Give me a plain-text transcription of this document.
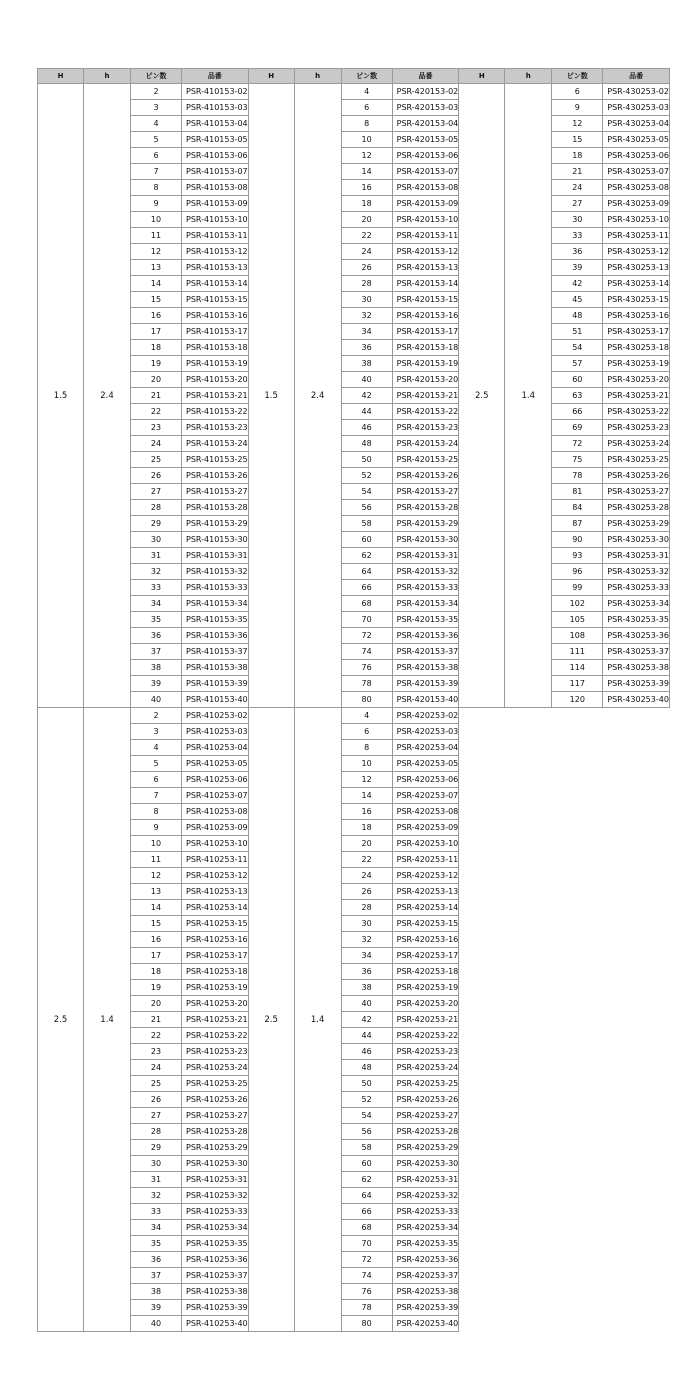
H	h	ピン数	品番	H	h	ピン数	品番	H	h	ピン数	品番
1.5	2.4	2	PSR-410153-02	1.5	2.4	4	PSR-420153-02	2.5	1.4	6	PSR-430253-02
		3	PSR-410153-03			6	PSR-420153-03			9	PSR-430253-03
		4	PSR-410153-04			8	PSR-420153-04			12	PSR-430253-04
		5	PSR-410153-05			10	PSR-420153-05			15	PSR-430253-05
		6	PSR-410153-06			12	PSR-420153-06			18	PSR-430253-06
		7	PSR-410153-07			14	PSR-420153-07			21	PSR-430253-07
		8	PSR-410153-08			16	PSR-420153-08			24	PSR-430253-08
		9	PSR-410153-09			18	PSR-420153-09			27	PSR-430253-09
		10	PSR-410153-10			20	PSR-420153-10			30	PSR-430253-10
		11	PSR-410153-11			22	PSR-420153-11			33	PSR-430253-11
		12	PSR-410153-12			24	PSR-420153-12			36	PSR-430253-12
		13	PSR-410153-13			26	PSR-420153-13			39	PSR-430253-13
		14	PSR-410153-14			28	PSR-420153-14			42	PSR-430253-14
		15	PSR-410153-15			30	PSR-420153-15			45	PSR-430253-15
		16	PSR-410153-16			32	PSR-420153-16			48	PSR-430253-16
		17	PSR-410153-17			34	PSR-420153-17			51	PSR-430253-17
		18	PSR-410153-18			36	PSR-420153-18			54	PSR-430253-18
		19	PSR-410153-19			38	PSR-420153-19			57	PSR-430253-19
		20	PSR-410153-20			40	PSR-420153-20			60	PSR-430253-20
		21	PSR-410153-21			42	PSR-420153-21			63	PSR-430253-21
		22	PSR-410153-22			44	PSR-420153-22			66	PSR-430253-22
		23	PSR-410153-23			46	PSR-420153-23			69	PSR-430253-23
		24	PSR-410153-24			48	PSR-420153-24			72	PSR-430253-24
		25	PSR-410153-25			50	PSR-420153-25			75	PSR-430253-25
		26	PSR-410153-26			52	PSR-420153-26			78	PSR-430253-26
		27	PSR-410153-27			54	PSR-420153-27			81	PSR-430253-27
		28	PSR-410153-28			56	PSR-420153-28			84	PSR-430253-28
		29	PSR-410153-29			58	PSR-420153-29			87	PSR-430253-29
		30	PSR-410153-30			60	PSR-420153-30			90	PSR-430253-30
		31	PSR-410153-31			62	PSR-420153-31			93	PSR-430253-31
		32	PSR-410153-32			64	PSR-420153-32			96	PSR-430253-32
		33	PSR-410153-33			66	PSR-420153-33			99	PSR-430253-33
		34	PSR-410153-34			68	PSR-420153-34			102	PSR-430253-34
		35	PSR-410153-35			70	PSR-420153-35			105	PSR-430253-35
		36	PSR-410153-36			72	PSR-420153-36			108	PSR-430253-36
		37	PSR-410153-37			74	PSR-420153-37			111	PSR-430253-37
		38	PSR-410153-38			76	PSR-420153-38			114	PSR-430253-38
		39	PSR-410153-39			78	PSR-420153-39			117	PSR-430253-39
		40	PSR-410153-40			80	PSR-420153-40			120	PSR-430253-40
2.5	1.4	2	PSR-410253-02	2.5	1.4	4	PSR-420253-02				
		3	PSR-410253-03			6	PSR-420253-03				
		4	PSR-410253-04			8	PSR-420253-04				
		5	PSR-410253-05			10	PSR-420253-05				
		6	PSR-410253-06			12	PSR-420253-06				
		7	PSR-410253-07			14	PSR-420253-07				
		8	PSR-410253-08			16	PSR-420253-08				
		9	PSR-410253-09			18	PSR-420253-09				
		10	PSR-410253-10			20	PSR-420253-10				
		11	PSR-410253-11			22	PSR-420253-11				
		12	PSR-410253-12			24	PSR-420253-12				
		13	PSR-410253-13			26	PSR-420253-13				
		14	PSR-410253-14			28	PSR-420253-14				
		15	PSR-410253-15			30	PSR-420253-15				
		16	PSR-410253-16			32	PSR-420253-16				
		17	PSR-410253-17			34	PSR-420253-17				
		18	PSR-410253-18			36	PSR-420253-18				
		19	PSR-410253-19			38	PSR-420253-19				
		20	PSR-410253-20			40	PSR-420253-20				
		21	PSR-410253-21			42	PSR-420253-21				
		22	PSR-410253-22			44	PSR-420253-22				
		23	PSR-410253-23			46	PSR-420253-23				
		24	PSR-410253-24			48	PSR-420253-24				
		25	PSR-410253-25			50	PSR-420253-25				
		26	PSR-410253-26			52	PSR-420253-26				
		27	PSR-410253-27			54	PSR-420253-27				
		28	PSR-410253-28			56	PSR-420253-28				
		29	PSR-410253-29			58	PSR-420253-29				
		30	PSR-410253-30			60	PSR-420253-30				
		31	PSR-410253-31			62	PSR-420253-31				
		32	PSR-410253-32			64	PSR-420253-32				
		33	PSR-410253-33			66	PSR-420253-33				
		34	PSR-410253-34			68	PSR-420253-34				
		35	PSR-410253-35			70	PSR-420253-35				
		36	PSR-410253-36			72	PSR-420253-36				
		37	PSR-410253-37			74	PSR-420253-37				
		38	PSR-410253-38			76	PSR-420253-38				
		39	PSR-410253-39			78	PSR-420253-39				
		40	PSR-410253-40			80	PSR-420253-40				
